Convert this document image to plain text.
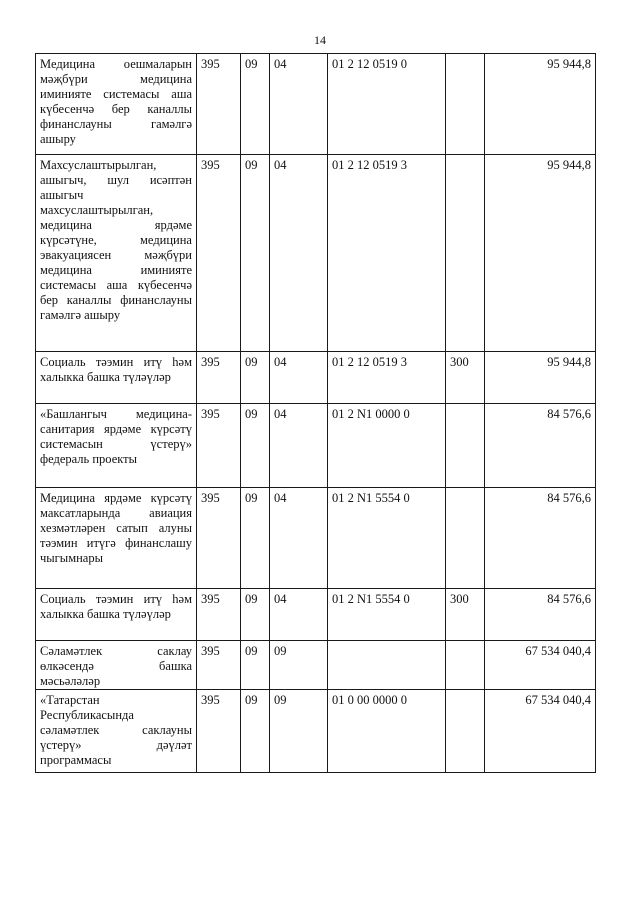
14
Медицина оешмаларын мәҗбүри медицина иминияте системасы аша күбесенчә бер каналлы финанслауны гамәлгә ашыру	395	09	04	01 2 12 0519 0		95 944,8

Махсуслаштырылган, ашыгыч, шул исәптән ашыгыч махсуслаштырылган, медицина ярдәме күрсәтүне, медицина эвакуациясен мәҗбүри медицина иминияте системасы аша күбесенчә бер каналлы финанслауны гамәлгә ашыру	395	09	04	01 2 12 0519 3		95 944,8

Социаль тәэмин итү һәм халыкка башка түләүләр	395	09	04	01 2 12 0519 3	300	95 944,8

«Башлангыч медицина-санитария ярдәме күрсәтү системасын үстерү» федераль проекты	395	09	04	01 2 N1 0000 0		84 576,6

Медицина ярдәме күрсәтү максатларында авиация хезмәтләрен сатып алуны тәэмин итүгә финанслашу чыгымнары	395	09	04	01 2 N1 5554 0		84 576,6

Социаль тәэмин итү һәм халыкка башка түләүләр	395	09	04	01 2 N1 5554 0	300	84 576,6

Сәламәтлек саклау өлкәсендә башка мәсьәләләр	395	09	09			67 534 040,4

«Татарстан Республикасында сәламәтлек саклауны үстерү» дәүләт программасы	395	09	09	01 0 00 0000 0		67 534 040,4
